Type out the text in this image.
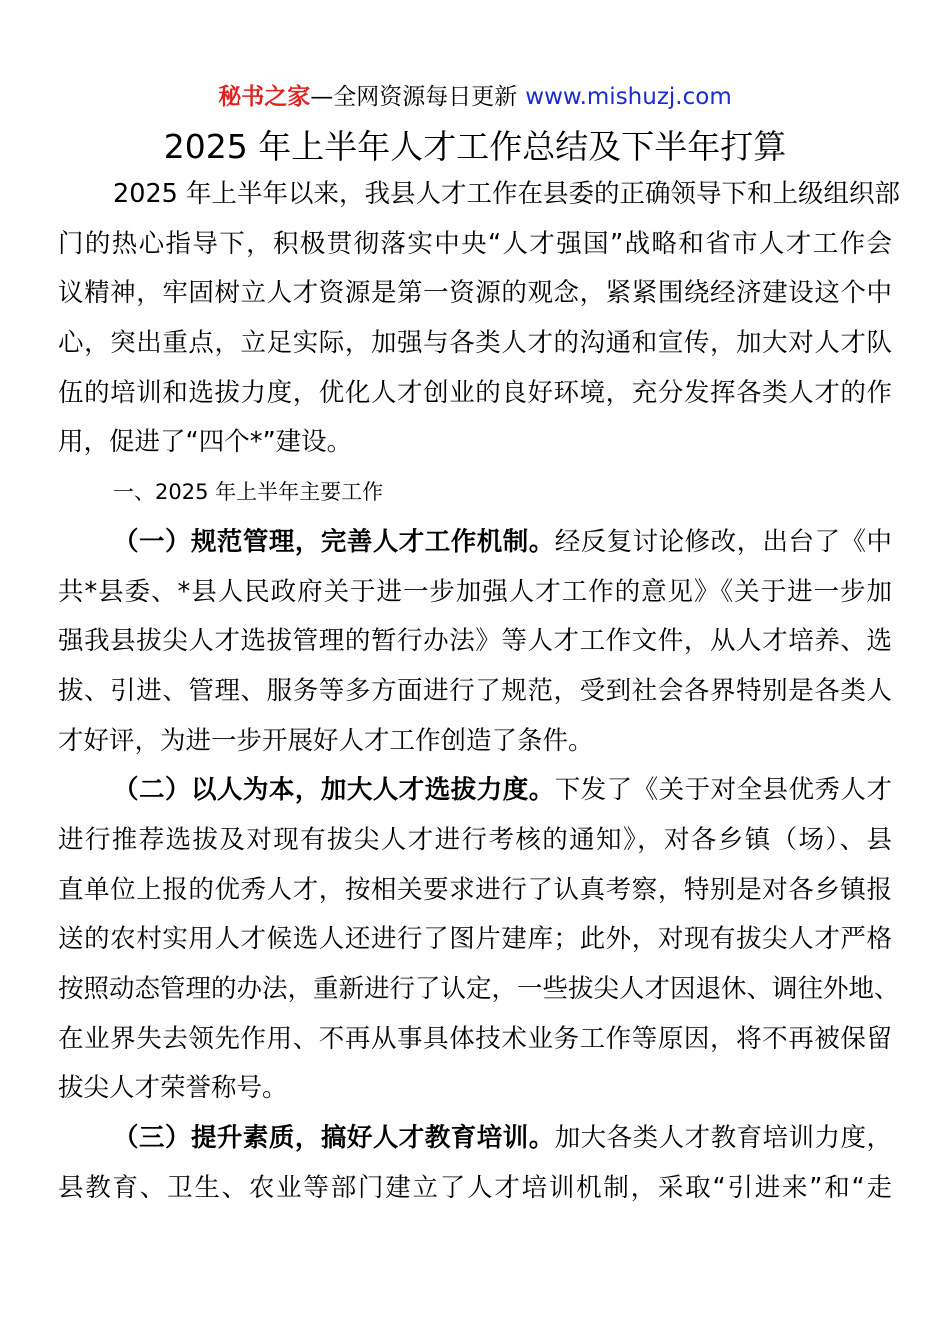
秘书之家—全网资源每日更新 www.mishuzj.com
2025 年上半年人才工作总结及下半年打算
2025 年上半年以来，我县人才工作在县委的正确领导下和上级组织部
门的热心指导下，积极贯彻落实中央“人才强国”战略和省市人才工作会
议精神，牢固树立人才资源是第一资源的观念，紧紧围绕经济建设这个中
心，突出重点，立足实际，加强与各类人才的沟通和宣传，加大对人才队
伍的培训和选拔力度，优化人才创业的良好环境，充分发挥各类人才的作
用，促进了“四个*”建设。
一、2025 年上半年主要工作
（一）规范管理，完善人才工作机制。经反复讨论修改，出台了《中
共*县委、*县人民政府关于进一步加强人才工作的意见》《关于进一步加
强我县拔尖人才选拔管理的暂行办法》等人才工作文件，从人才培养、选
拔、引进、管理、服务等多方面进行了规范，受到社会各界特别是各类人
才好评，为进一步开展好人才工作创造了条件。
（二）以人为本，加大人才选拔力度。下发了《关于对全县优秀人才
进行推荐选拔及对现有拔尖人才进行考核的通知》，对各乡镇（场）、县
直单位上报的优秀人才，按相关要求进行了认真考察，特别是对各乡镇报
送的农村实用人才候选人还进行了图片建库；此外，对现有拔尖人才严格
按照动态管理的办法，重新进行了认定，一些拔尖人才因退休、调往外地、
在业界失去领先作用、不再从事具体技术业务工作等原因，将不再被保留
拔尖人才荣誉称号。
（三）提升素质，搞好人才教育培训。加大各类人才教育培训力度，
县教育、卫生、农业等部门建立了人才培训机制，采取“引进来”和“走
